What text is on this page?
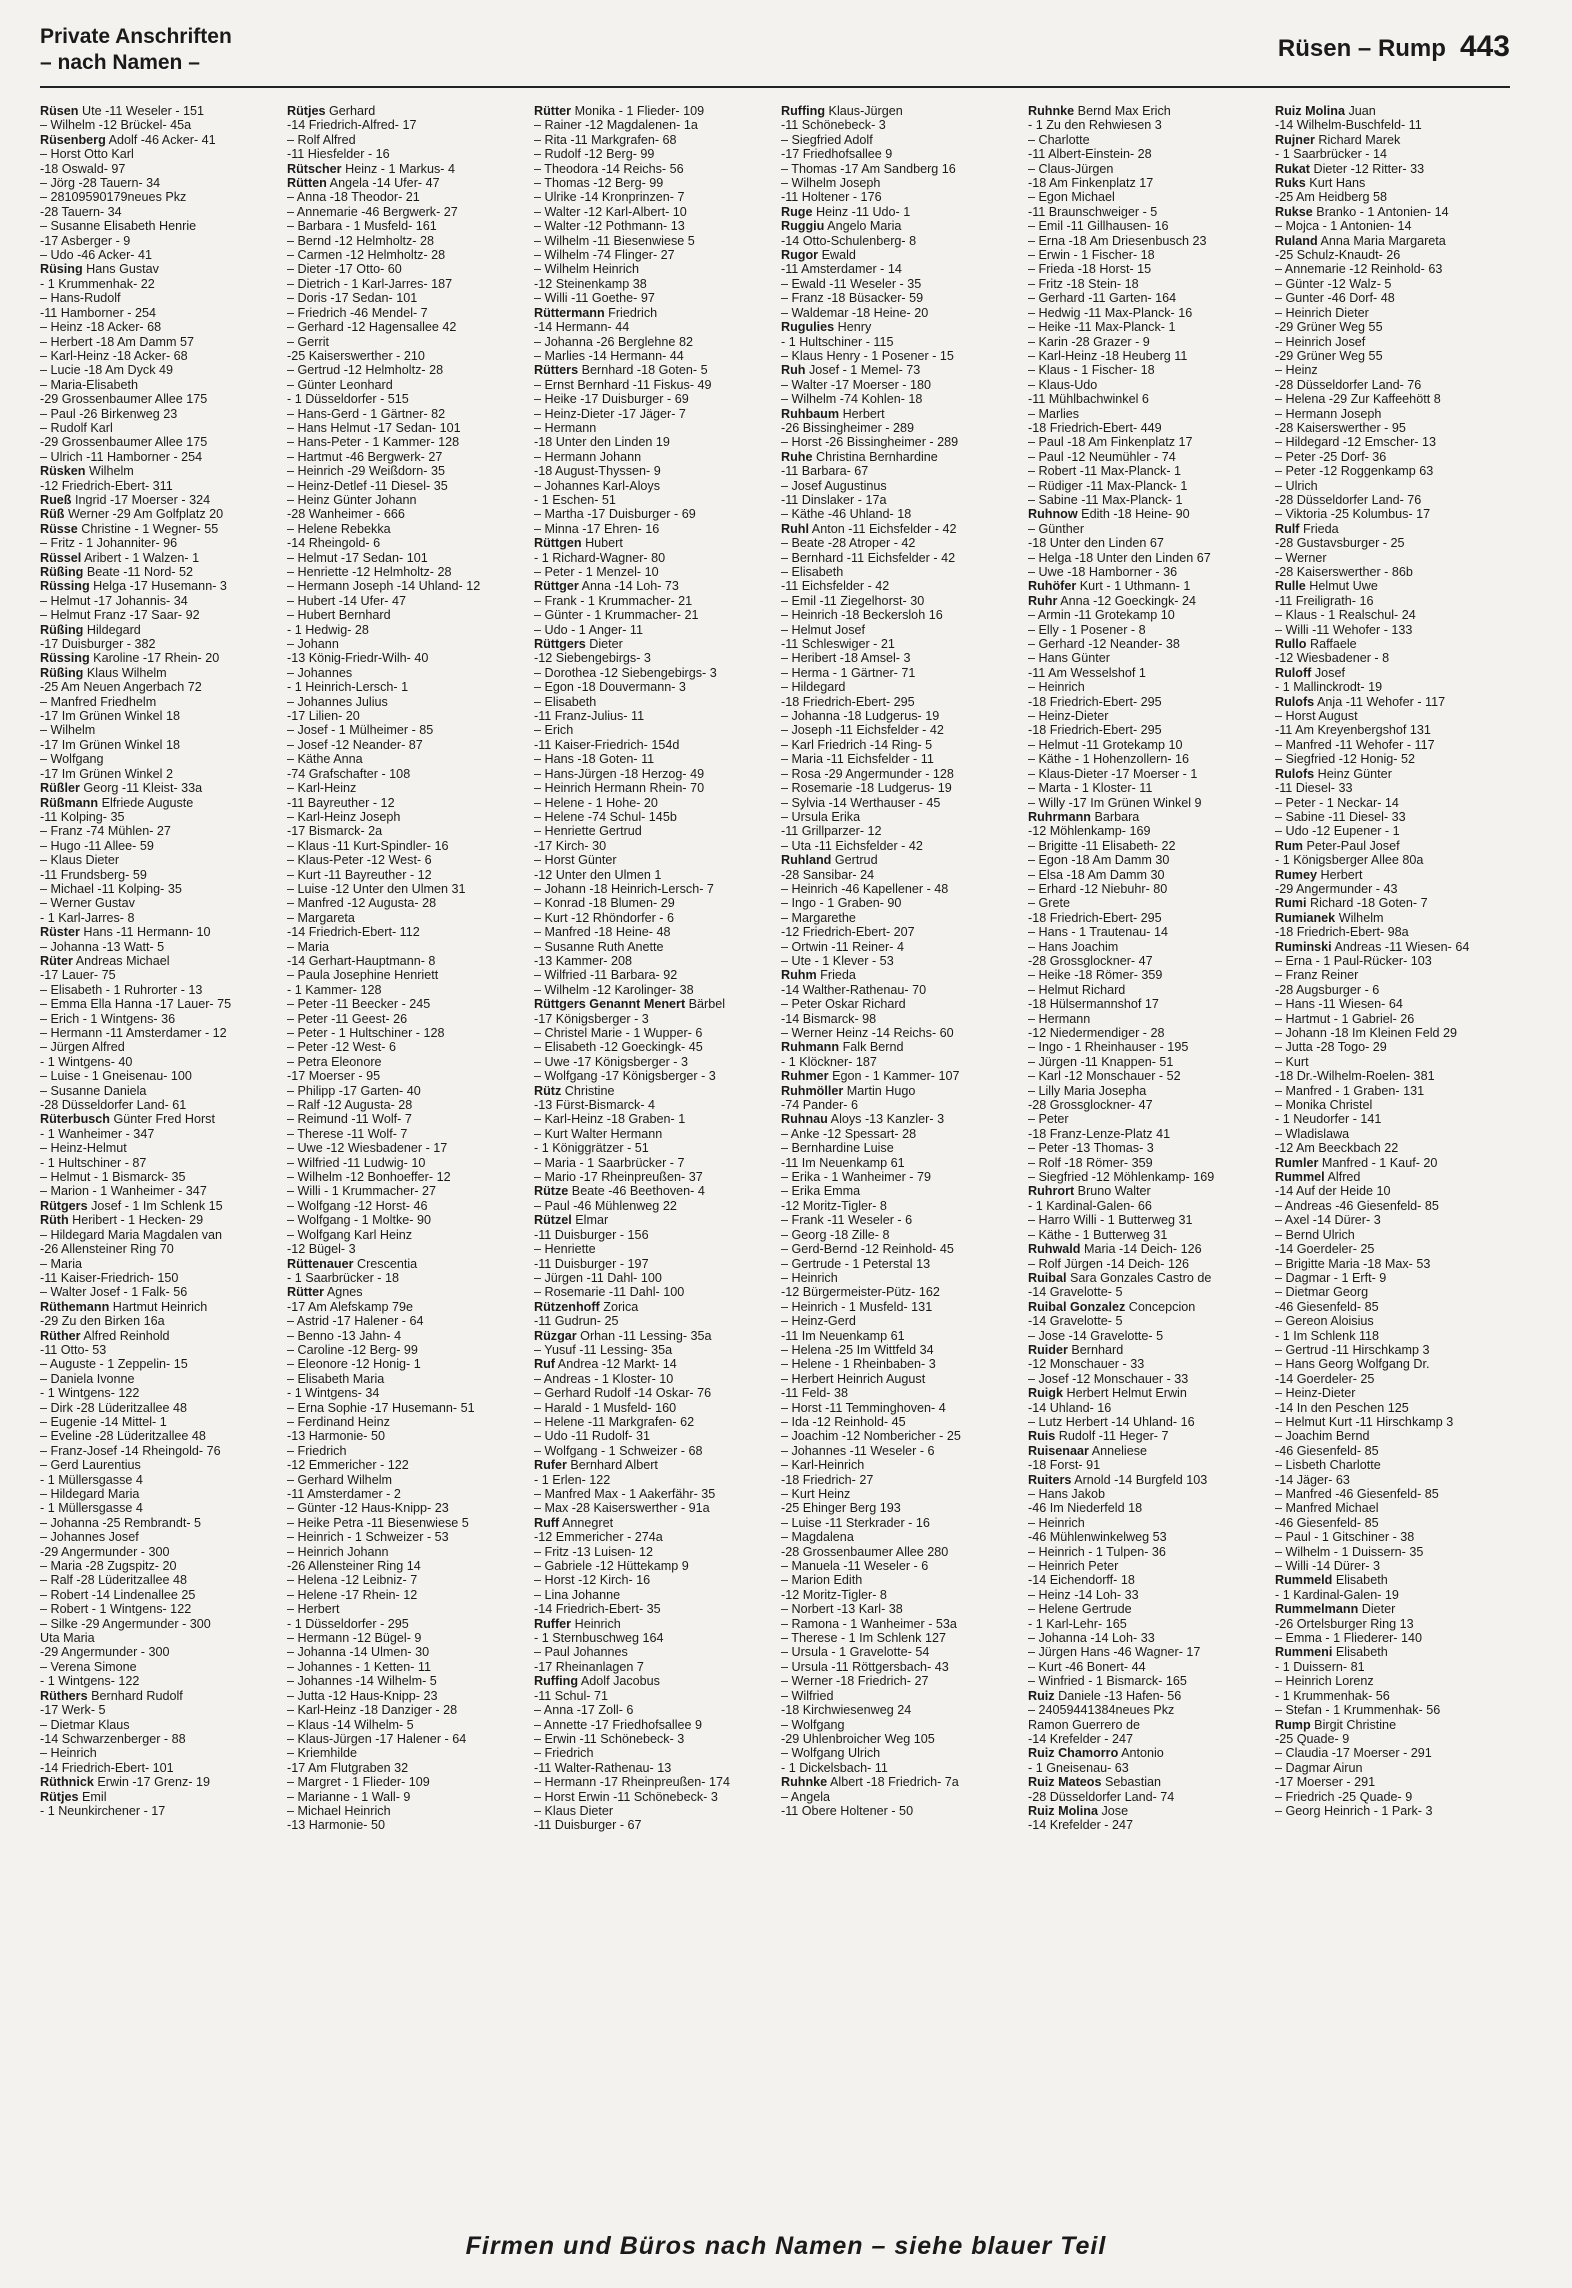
Private Anschriften
– nach Namen –
Rüsen – Rump 443
Rüsen Ute -11 Weseler - 151
– Wilhelm -12 Brückel- 45a
Rüsenberg Adolf -46 Acker- 41
– Horst Otto Karl
-18 Oswald- 97
– Jörg -28 Tauern- 34
– 28109590179neues Pkz
-28 Tauern- 34
– Susanne Elisabeth Henrie
-17 Asberger - 9
– Udo -46 Acker- 41
Rüsing Hans Gustav
- 1 Krummenhak- 22
– Hans-Rudolf
-11 Hamborner - 254
– Heinz -18 Acker- 68
– Herbert -18 Am Damm 57
– Karl-Heinz -18 Acker- 68
– Lucie -18 Am Dyck 49
– Maria-Elisabeth
-29 Grossenbaumer Allee 175
– Paul -26 Birkenweg 23
– Rudolf Karl
-29 Grossenbaumer Allee 175
– Ulrich -11 Hamborner - 254
Rüsken Wilhelm
-12 Friedrich-Ebert- 311
Rueß Ingrid -17 Moerser - 324
Rüß Werner -29 Am Golfplatz 20
Rüsse Christine - 1 Wegner- 55
– Fritz - 1 Johanniter- 96
Rüssel Aribert - 1 Walzen- 1
Rüßing Beate -11 Nord- 52
Rüssing Helga -17 Husemann- 3
– Helmut -17 Johannis- 34
– Helmut Franz -17 Saar- 92
Rüßing Hildegard
-17 Duisburger - 382
Rüssing Karoline -17 Rhein- 20
Rüßing Klaus Wilhelm
-25 Am Neuen Angerbach 72
– Manfred Friedhelm
-17 Im Grünen Winkel 18
– Wilhelm
-17 Im Grünen Winkel 18
– Wolfgang
-17 Im Grünen Winkel 2
Rüßler Georg -11 Kleist- 33a
Rüßmann Elfriede Auguste
-11 Kolping- 35
– Franz -74 Mühlen- 27
– Hugo -11 Allee- 59
– Klaus Dieter
-11 Frundsberg- 59
– Michael -11 Kolping- 35
– Werner Gustav
- 1 Karl-Jarres- 8
Rüster Hans -11 Hermann- 10
– Johanna -13 Watt- 5
Rüter Andreas Michael
-17 Lauer- 75
– Elisabeth - 1 Ruhrorter - 13
– Emma Ella Hanna -17 Lauer- 75
– Erich - 1 Wintgens- 36
– Hermann -11 Amsterdamer - 12
– Jürgen Alfred
- 1 Wintgens- 40
– Luise - 1 Gneisenau- 100
– Susanne Daniela
-28 Düsseldorfer Land- 61
Rüterbusch Günter Fred Horst
- 1 Wanheimer - 347
– Heinz-Helmut
- 1 Hultschiner - 87
– Helmut - 1 Bismarck- 35
– Marion - 1 Wanheimer - 347
Rütgers Josef - 1 Im Schlenk 15
Rüth Heribert - 1 Hecken- 29
– Hildegard Maria Magdalen van
-26 Allensteiner Ring 70
– Maria
-11 Kaiser-Friedrich- 150
– Walter Josef - 1 Falk- 56
Rüthemann Hartmut Heinrich
-29 Zu den Birken 16a
Rüther Alfred Reinhold
-11 Otto- 53
– Auguste - 1 Zeppelin- 15
– Daniela Ivonne
- 1 Wintgens- 122
– Dirk -28 Lüderitzallee 48
– Eugenie -14 Mittel- 1
– Eveline -28 Lüderitzallee 48
– Franz-Josef -14 Rheingold- 76
– Gerd Laurentius
- 1 Müllersgasse 4
– Hildegard Maria
- 1 Müllersgasse 4
– Johanna -25 Rembrandt- 5
– Johannes Josef
-29 Angermunder - 300
– Maria -28 Zugspitz- 20
– Ralf -28 Lüderitzallee 48
– Robert -14 Lindenallee 25
– Robert - 1 Wintgens- 122
– Silke -29 Angermunder - 300
Uta Maria
-29 Angermunder - 300
– Verena Simone
- 1 Wintgens- 122
Rüthers Bernhard Rudolf
-17 Werk- 5
– Dietmar Klaus
-14 Schwarzenberger - 88
– Heinrich
-14 Friedrich-Ebert- 101
Rüthnick Erwin -17 Grenz- 19
Rütjes Emil
- 1 Neunkirchener - 17
Rütjes Gerhard
-14 Friedrich-Alfred- 17
– Rolf Alfred
-11 Hiesfelder - 16
Rütscher Heinz - 1 Markus- 4
Rütten Angela -14 Ufer- 47
– Anna -18 Theodor- 21
– Annemarie -46 Bergwerk- 27
– Barbara - 1 Musfeld- 161
– Bernd -12 Helmholtz- 28
– Carmen -12 Helmholtz- 28
– Dieter -17 Otto- 60
– Dietrich - 1 Karl-Jarres- 187
– Doris -17 Sedan- 101
– Friedrich -46 Mendel- 7
– Gerhard -12 Hagensallee 42
– Gerrit
-25 Kaiserswerther - 210
– Gertrud -12 Helmholtz- 28
– Günter Leonhard
- 1 Düsseldorfer - 515
– Hans-Gerd - 1 Gärtner- 82
– Hans Helmut -17 Sedan- 101
– Hans-Peter - 1 Kammer- 128
– Hartmut -46 Bergwerk- 27
– Heinrich -29 Weißdorn- 35
– Heinz-Detlef -11 Diesel- 35
– Heinz Günter Johann
-28 Wanheimer - 666
– Helene Rebekka
-14 Rheingold- 6
– Helmut -17 Sedan- 101
– Henriette -12 Helmholtz- 28
– Hermann Joseph -14 Uhland- 12
– Hubert -14 Ufer- 47
– Hubert Bernhard
- 1 Hedwig- 28
– Johann
-13 König-Friedr-Wilh- 40
– Johannes
- 1 Heinrich-Lersch- 1
– Johannes Julius
-17 Lilien- 20
– Josef - 1 Mülheimer - 85
– Josef -12 Neander- 87
– Käthe Anna
-74 Grafschafter - 108
– Karl-Heinz
-11 Bayreuther - 12
– Karl-Heinz Joseph
-17 Bismarck- 2a
– Klaus -11 Kurt-Spindler- 16
– Klaus-Peter -12 West- 6
– Kurt -11 Bayreuther - 12
– Luise -12 Unter den Ulmen 31
– Manfred -12 Augusta- 28
– Margareta
-14 Friedrich-Ebert- 112
– Maria
-14 Gerhart-Hauptmann- 8
– Paula Josephine Henriett
- 1 Kammer- 128
– Peter -11 Beecker - 245
– Peter -11 Geest- 26
– Peter - 1 Hultschiner - 128
– Peter -12 West- 6
– Petra Eleonore
-17 Moerser - 95
– Philipp -17 Garten- 40
– Ralf -12 Augusta- 28
– Reimund -11 Wolf- 7
– Therese -11 Wolf- 7
– Uwe -12 Wiesbadener - 17
– Wilfried -11 Ludwig- 10
– Wilhelm -12 Bonhoeffer- 12
– Willi - 1 Krummacher- 27
– Wolfgang -12 Horst- 46
– Wolfgang - 1 Moltke- 90
– Wolfgang Karl Heinz
-12 Bügel- 3
Rüttenauer Crescentia
- 1 Saarbrücker - 18
Rütter Agnes
-17 Am Alefskamp 79e
– Astrid -17 Halener - 64
– Benno -13 Jahn- 4
– Caroline -12 Berg- 99
– Eleonore -12 Honig- 1
– Elisabeth Maria
- 1 Wintgens- 34
– Erna Sophie -17 Husemann- 51
– Ferdinand Heinz
-13 Harmonie- 50
– Friedrich
-12 Emmericher - 122
– Gerhard Wilhelm
-11 Amsterdamer - 2
– Günter -12 Haus-Knipp- 23
– Heike Petra -11 Biesenwiese 5
– Heinrich - 1 Schweizer - 53
– Heinrich Johann
-26 Allensteiner Ring 14
– Helena -12 Leibniz- 7
– Helene -17 Rhein- 12
– Herbert
- 1 Düsseldorfer - 295
– Hermann -12 Bügel- 9
– Johanna -14 Ulmen- 30
– Johannes - 1 Ketten- 11
– Johannes -14 Wilhelm- 5
– Jutta -12 Haus-Knipp- 23
– Karl-Heinz -18 Danziger - 28
– Klaus -14 Wilhelm- 5
– Klaus-Jürgen -17 Halener - 64
– Kriemhilde
-17 Am Flutgraben 32
– Margret - 1 Flieder- 109
– Marianne - 1 Wall- 9
– Michael Heinrich
-13 Harmonie- 50
Rütter Monika - 1 Flieder- 109
– Rainer -12 Magdalenen- 1a
– Rita -11 Markgrafen- 68
– Rudolf -12 Berg- 99
– Theodora -14 Reichs- 56
– Thomas -12 Berg- 99
– Ulrike -14 Kronprinzen- 7
– Walter -12 Karl-Albert- 10
– Walter -12 Pothmann- 13
– Wilhelm -11 Biesenwiese 5
– Wilhelm -74 Flinger- 27
– Wilhelm Heinrich
-12 Steinenkamp 38
– Willi -11 Goethe- 97
Rüttermann Friedrich
-14 Hermann- 44
– Johanna -26 Berglehne 82
– Marlies -14 Hermann- 44
Rütters Bernhard -18 Goten- 5
– Ernst Bernhard -11 Fiskus- 49
– Heike -17 Duisburger - 69
– Heinz-Dieter -17 Jäger- 7
– Hermann
-18 Unter den Linden 19
– Hermann Johann
-18 August-Thyssen- 9
– Johannes Karl-Aloys
- 1 Eschen- 51
– Martha -17 Duisburger - 69
– Minna -17 Ehren- 16
Rüttgen Hubert
- 1 Richard-Wagner- 80
– Peter - 1 Menzel- 10
Rüttger Anna -14 Loh- 73
– Frank - 1 Krummacher- 21
– Günter - 1 Krummacher- 21
– Udo - 1 Anger- 11
Rüttgers Dieter
-12 Siebengebirgs- 3
– Dorothea -12 Siebengebirgs- 3
– Egon -18 Douvermann- 3
– Elisabeth
-11 Franz-Julius- 11
– Erich
-11 Kaiser-Friedrich- 154d
– Hans -18 Goten- 11
– Hans-Jürgen -18 Herzog- 49
– Heinrich Hermann Rhein- 70
– Helene - 1 Hohe- 20
– Helene -74 Schul- 145b
– Henriette Gertrud
-17 Kirch- 30
– Horst Günter
-12 Unter den Ulmen 1
– Johann -18 Heinrich-Lersch- 7
– Konrad -18 Blumen- 29
– Kurt -12 Rhöndorfer - 6
– Manfred -18 Heine- 48
– Susanne Ruth Anette
-13 Kammer- 208
– Wilfried -11 Barbara- 92
– Wilhelm -12 Karolinger- 38
Rüttgers Genannt Menert Bärbel
-17 Königsberger - 3
– Christel Marie - 1 Wupper- 6
– Elisabeth -12 Goeckingk- 45
– Uwe -17 Königsberger - 3
– Wolfgang -17 Königsberger - 3
Rütz Christine
-13 Fürst-Bismarck- 4
– Karl-Heinz -18 Graben- 1
– Kurt Walter Hermann
- 1 Königgrätzer - 51
– Maria - 1 Saarbrücker - 7
– Mario -17 Rheinpreußen- 37
Rütze Beate -46 Beethoven- 4
– Paul -46 Mühlenweg 22
Rützel Elmar
-11 Duisburger - 156
– Henriette
-11 Duisburger - 197
– Jürgen -11 Dahl- 100
– Rosemarie -11 Dahl- 100
Rützenhoff Zorica
-11 Gudrun- 25
Rüzgar Orhan -11 Lessing- 35a
– Yusuf -11 Lessing- 35a
Ruf Andrea -12 Markt- 14
– Andreas - 1 Kloster- 10
– Gerhard Rudolf -14 Oskar- 76
– Harald - 1 Musfeld- 160
– Helene -11 Markgrafen- 62
– Udo -11 Rudolf- 31
– Wolfgang - 1 Schweizer - 68
Rufer Bernhard Albert
- 1 Erlen- 122
– Manfred Max - 1 Aakerfähr- 35
– Max -28 Kaiserswerther - 91a
Ruff Annegret
-12 Emmericher - 274a
– Fritz -13 Luisen- 12
– Gabriele -12 Hüttekamp 9
– Horst -12 Kirch- 16
– Lina Johanne
-14 Friedrich-Ebert- 35
Ruffer Heinrich
- 1 Sternbuschweg 164
– Paul Johannes
-17 Rheinanlagen 7
Ruffing Adolf Jacobus
-11 Schul- 71
– Anna -17 Zoll- 6
– Annette -17 Friedhofsallee 9
– Erwin -11 Schönebeck- 3
– Friedrich
-11 Walter-Rathenau- 13
– Hermann -17 Rheinpreußen- 174
– Horst Erwin -11 Schönebeck- 3
– Klaus Dieter
-11 Duisburger - 67
Ruffing Klaus-Jürgen
-11 Schönebeck- 3
– Siegfried Adolf
-17 Friedhofsallee 9
– Thomas -17 Am Sandberg 16
– Wilhelm Joseph
-11 Holtener - 176
Ruge Heinz -11 Udo- 1
Ruggiu Angelo Maria
-14 Otto-Schulenberg- 8
Rugor Ewald
-11 Amsterdamer - 14
– Ewald -11 Weseler - 35
– Franz -18 Büsacker- 59
– Waldemar -18 Heine- 20
Rugulies Henry
- 1 Hultschiner - 115
– Klaus Henry - 1 Posener - 15
Ruh Josef - 1 Memel- 73
– Walter -17 Moerser - 180
– Wilhelm -74 Kohlen- 18
Ruhbaum Herbert
-26 Bissingheimer - 289
– Horst -26 Bissingheimer - 289
Ruhe Christina Bernhardine
-11 Barbara- 67
– Josef Augustinus
-11 Dinslaker - 17a
– Käthe -46 Uhland- 18
Ruhl Anton -11 Eichsfelder - 42
– Beate -28 Atroper - 42
– Bernhard -11 Eichsfelder - 42
– Elisabeth
-11 Eichsfelder - 42
– Emil -11 Ziegelhorst- 30
– Heinrich -18 Beckersloh 16
– Helmut Josef
-11 Schleswiger - 21
– Heribert -18 Amsel- 3
– Herma - 1 Gärtner- 71
– Hildegard
-18 Friedrich-Ebert- 295
– Johanna -18 Ludgerus- 19
– Joseph -11 Eichsfelder - 42
– Karl Friedrich -14 Ring- 5
– Maria -11 Eichsfelder - 11
– Rosa -29 Angermunder - 128
– Rosemarie -18 Ludgerus- 19
– Sylvia -14 Werthauser - 45
– Ursula Erika
-11 Grillparzer- 12
– Uta -11 Eichsfelder - 42
Ruhland Gertrud
-28 Sansibar- 24
– Heinrich -46 Kapellener - 48
– Ingo - 1 Graben- 90
– Margarethe
-12 Friedrich-Ebert- 207
– Ortwin -11 Reiner- 4
– Ute - 1 Klever - 53
Ruhm Frieda
-14 Walther-Rathenau- 70
– Peter Oskar Richard
-14 Bismarck- 98
– Werner Heinz -14 Reichs- 60
Ruhmann Falk Bernd
- 1 Klöckner- 187
Ruhmer Egon - 1 Kammer- 107
Ruhmöller Martin Hugo
-74 Pander- 6
Ruhnau Aloys -13 Kanzler- 3
– Anke -12 Spessart- 28
– Bernhardine Luise
-11 Im Neuenkamp 61
– Erika - 1 Wanheimer - 79
– Erika Emma
-12 Moritz-Tigler- 8
– Frank -11 Weseler - 6
– Georg -18 Zille- 8
– Gerd-Bernd -12 Reinhold- 45
– Gertrude - 1 Peterstal 13
– Heinrich
-12 Bürgermeister-Pütz- 162
– Heinrich - 1 Musfeld- 131
– Heinz-Gerd
-11 Im Neuenkamp 61
– Helena -25 Im Wittfeld 34
– Helene - 1 Rheinbaben- 3
– Herbert Heinrich August
-11 Feld- 38
– Horst -11 Temminghoven- 4
– Ida -12 Reinhold- 45
– Joachim -12 Nombericher - 25
– Johannes -11 Weseler - 6
– Karl-Heinrich
-18 Friedrich- 27
– Kurt Heinz
-25 Ehinger Berg 193
– Luise -11 Sterkrader - 16
– Magdalena
-28 Grossenbaumer Allee 280
– Manuela -11 Weseler - 6
– Marion Edith
-12 Moritz-Tigler- 8
– Norbert -13 Karl- 38
– Ramona - 1 Wanheimer - 53a
– Therese - 1 Im Schlenk 127
– Ursula - 1 Gravelotte- 54
– Ursula -11 Röttgersbach- 43
– Werner -18 Friedrich- 27
– Wilfried
-18 Kirchwiesenweg 24
– Wolfgang
-29 Uhlenbroicher Weg 105
– Wolfgang Ulrich
- 1 Dickelsbach- 11
Ruhnke Albert -18 Friedrich- 7a
– Angela
-11 Obere Holtener - 50
Ruhnke Bernd Max Erich
- 1 Zu den Rehwiesen 3
– Charlotte
-11 Albert-Einstein- 28
– Claus-Jürgen
-18 Am Finkenplatz 17
– Egon Michael
-11 Braunschweiger - 5
– Emil -11 Gillhausen- 16
– Erna -18 Am Driesenbusch 23
– Erwin - 1 Fischer- 18
– Frieda -18 Horst- 15
– Fritz -18 Stein- 18
– Gerhard -11 Garten- 164
– Hedwig -11 Max-Planck- 16
– Heike -11 Max-Planck- 1
– Karin -28 Grazer - 9
– Karl-Heinz -18 Heuberg 11
– Klaus - 1 Fischer- 18
– Klaus-Udo
-11 Mühlbachwinkel 6
– Marlies
-18 Friedrich-Ebert- 449
– Paul -18 Am Finkenplatz 17
– Paul -12 Neumühler - 74
– Robert -11 Max-Planck- 1
– Rüdiger -11 Max-Planck- 1
– Sabine -11 Max-Planck- 1
Ruhnow Edith -18 Heine- 90
– Günther
-18 Unter den Linden 67
– Helga -18 Unter den Linden 67
– Uwe -18 Hamborner - 36
Ruhöfer Kurt - 1 Uthmann- 1
Ruhr Anna -12 Goeckingk- 24
– Armin -11 Grotekamp 10
– Elly - 1 Posener - 8
– Gerhard -12 Neander- 38
– Hans Günter
-11 Am Wesselshof 1
– Heinrich
-18 Friedrich-Ebert- 295
– Heinz-Dieter
-18 Friedrich-Ebert- 295
– Helmut -11 Grotekamp 10
– Käthe - 1 Hohenzollern- 16
– Klaus-Dieter -17 Moerser - 1
– Marta - 1 Kloster- 11
– Willy -17 Im Grünen Winkel 9
Ruhrmann Barbara
-12 Möhlenkamp- 169
– Brigitte -11 Elisabeth- 22
– Egon -18 Am Damm 30
– Elsa -18 Am Damm 30
– Erhard -12 Niebuhr- 80
– Grete
-18 Friedrich-Ebert- 295
– Hans - 1 Trautenau- 14
– Hans Joachim
-28 Grossglockner- 47
– Heike -18 Römer- 359
– Helmut Richard
-18 Hülsermannshof 17
– Hermann
-12 Niedermendiger - 28
– Ingo - 1 Rheinhauser - 195
– Jürgen -11 Knappen- 51
– Karl -12 Monschauer - 52
– Lilly Maria Josepha
-28 Grossglockner- 47
– Peter
-18 Franz-Lenze-Platz 41
– Peter -13 Thomas- 3
– Rolf -18 Römer- 359
– Siegfried -12 Möhlenkamp- 169
Ruhrort Bruno Walter
- 1 Kardinal-Galen- 66
– Harro Willi - 1 Butterweg 31
– Käthe - 1 Butterweg 31
Ruhwald Maria -14 Deich- 126
– Rolf Jürgen -14 Deich- 126
Ruibal Sara Gonzales Castro de
-14 Gravelotte- 5
Ruibal Gonzalez Concepcion
-14 Gravelotte- 5
– Jose -14 Gravelotte- 5
Ruider Bernhard
-12 Monschauer - 33
– Josef -12 Monschauer - 33
Ruigk Herbert Helmut Erwin
-14 Uhland- 16
– Lutz Herbert -14 Uhland- 16
Ruis Rudolf -11 Heger- 7
Ruisenaar Anneliese
-18 Forst- 91
Ruiters Arnold -14 Burgfeld 103
– Hans Jakob
-46 Im Niederfeld 18
– Heinrich
-46 Mühlenwinkelweg 53
– Heinrich - 1 Tulpen- 36
– Heinrich Peter
-14 Eichendorff- 18
– Heinz -14 Loh- 33
– Helene Gertrude
- 1 Karl-Lehr- 165
– Johanna -14 Loh- 33
– Jürgen Hans -46 Wagner- 17
– Kurt -46 Bonert- 44
– Winfried - 1 Bismarck- 165
Ruiz Daniele -13 Hafen- 56
– 24059441384neues Pkz
Ramon Guerrero de
-14 Krefelder - 247
Ruiz Chamorro Antonio
- 1 Gneisenau- 63
Ruiz Mateos Sebastian
-28 Düsseldorfer Land- 74
Ruiz Molina Jose
-14 Krefelder - 247
Ruiz Molina Juan
-14 Wilhelm-Buschfeld- 11
Rujner Richard Marek
- 1 Saarbrücker - 14
Rukat Dieter -12 Ritter- 33
Ruks Kurt Hans
-25 Am Heidberg 58
Rukse Branko - 1 Antonien- 14
– Mojca - 1 Antonien- 14
Ruland Anna Maria Margareta
-25 Schulz-Knaudt- 26
– Annemarie -12 Reinhold- 63
– Günter -12 Walz- 5
– Gunter -46 Dorf- 48
– Heinrich Dieter
-29 Grüner Weg 55
– Heinrich Josef
-29 Grüner Weg 55
– Heinz
-28 Düsseldorfer Land- 76
– Helena -29 Zur Kaffeehött 8
– Hermann Joseph
-28 Kaiserswerther - 95
– Hildegard -12 Emscher- 13
– Peter -25 Dorf- 36
– Peter -12 Roggenkamp 63
– Ulrich
-28 Düsseldorfer Land- 76
– Viktoria -25 Kolumbus- 17
Rulf Frieda
-28 Gustavsburger - 25
– Werner
-28 Kaiserswerther - 86b
Rulle Helmut Uwe
-11 Freiligrath- 16
– Klaus - 1 Realschul- 24
– Willi -11 Wehofer - 133
Rullo Raffaele
-12 Wiesbadener - 8
Ruloff Josef
- 1 Mallinckrodt- 19
Rulofs Anja -11 Wehofer - 117
– Horst August
-11 Am Kreyenbergshof 131
– Manfred -11 Wehofer - 117
– Siegfried -12 Honig- 52
Rulofs Heinz Günter
-11 Diesel- 33
– Peter - 1 Neckar- 14
– Sabine -11 Diesel- 33
– Udo -12 Eupener - 1
Rum Peter-Paul Josef
- 1 Königsberger Allee 80a
Rumey Herbert
-29 Angermunder - 43
Rumi Richard -18 Goten- 7
Rumianek Wilhelm
-18 Friedrich-Ebert- 98a
Ruminski Andreas -11 Wiesen- 64
– Erna - 1 Paul-Rücker- 103
– Franz Reiner
-28 Augsburger - 6
– Hans -11 Wiesen- 64
– Hartmut - 1 Gabriel- 26
– Johann -18 Im Kleinen Feld 29
– Jutta -28 Togo- 29
– Kurt
-18 Dr.-Wilhelm-Roelen- 381
– Manfred - 1 Graben- 131
– Monika Christel
- 1 Neudorfer - 141
– Wladislawa
-12 Am Beeckbach 22
Rumler Manfred - 1 Kauf- 20
Rummel Alfred
-14 Auf der Heide 10
– Andreas -46 Giesenfeld- 85
– Axel -14 Dürer- 3
– Bernd Ulrich
-14 Goerdeler- 25
– Brigitte Maria -18 Max- 53
– Dagmar - 1 Erft- 9
– Dietmar Georg
-46 Giesenfeld- 85
– Gereon Aloisius
- 1 Im Schlenk 118
– Gertrud -11 Hirschkamp 3
– Hans Georg Wolfgang Dr.
-14 Goerdeler- 25
– Heinz-Dieter
-14 In den Peschen 125
– Helmut Kurt -11 Hirschkamp 3
– Joachim Bernd
-46 Giesenfeld- 85
– Lisbeth Charlotte
-14 Jäger- 63
– Manfred -46 Giesenfeld- 85
– Manfred Michael
-46 Giesenfeld- 85
– Paul - 1 Gitschiner - 38
– Wilhelm - 1 Duissern- 35
– Willi -14 Dürer- 3
Rummeld Elisabeth
- 1 Kardinal-Galen- 19
Rummelmann Dieter
-26 Ortelsburger Ring 13
– Emma - 1 Fliederer- 140
Rummeni Elisabeth
- 1 Duissern- 81
– Heinrich Lorenz
- 1 Krummenhak- 56
– Stefan - 1 Krummenhak- 56
Rump Birgit Christine
-25 Quade- 9
– Claudia -17 Moerser - 291
– Dagmar Airun
-17 Moerser - 291
– Friedrich -25 Quade- 9
– Georg Heinrich - 1 Park- 3
Firmen und Büros nach Namen – siehe blauer Teil
